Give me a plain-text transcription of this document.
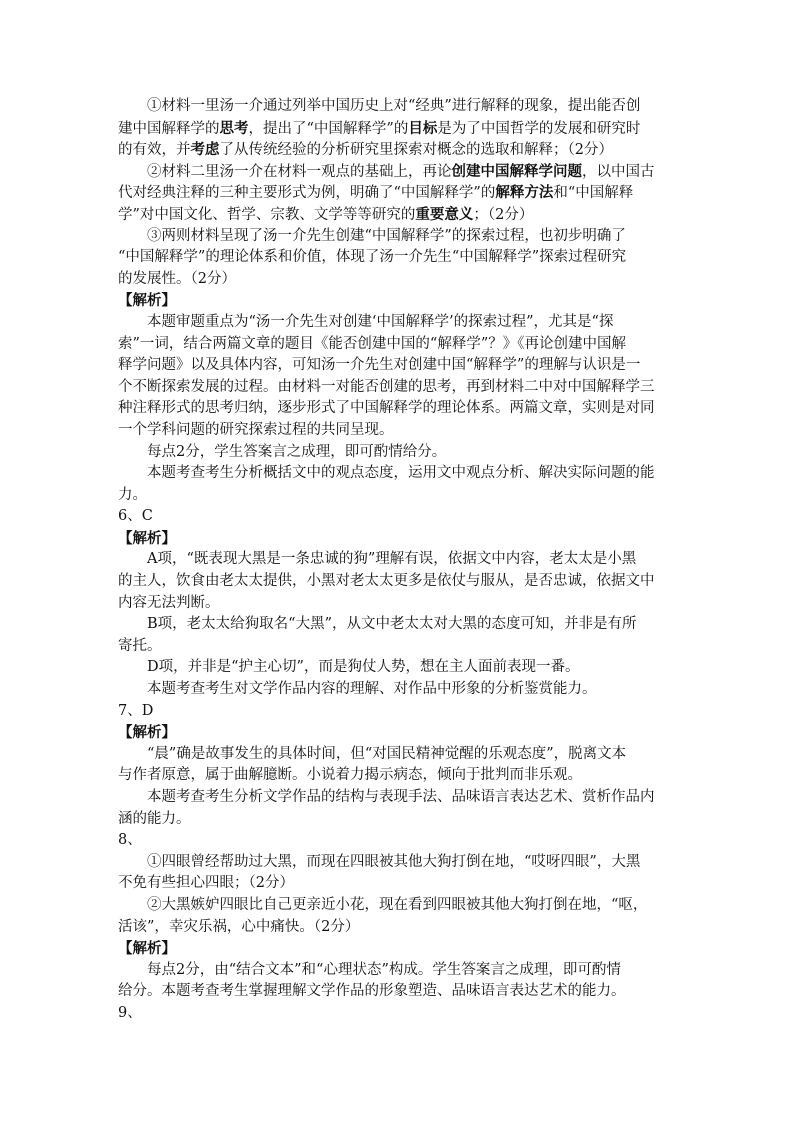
①材料一里汤一介通过列举中国历史上对“经典”进行解释的现象，提出能否创
建中国解释学的思考，提出了“中国解释学”的目标是为了中国哲学的发展和研究时
的有效，并考虑了从传统经验的分析研究里探索对概念的选取和解释；（2分）
②材料二里汤一介在材料一观点的基础上，再论创建中国解释学问题，以中国古
代对经典注释的三种主要形式为例，明确了“中国解释学”的解释方法和“中国解释
学”对中国文化、哲学、宗教、文学等等研究的重要意义；（2分）
③两则材料呈现了汤一介先生创建“中国解释学”的探索过程，也初步明确了
“中国解释学”的理论体系和价值，体现了汤一介先生“中国解释学”探索过程研究
的发展性。（2分）
【解析】
本题审题重点为“汤一介先生对创建‘中国解释学’的探索过程”，尤其是“探
索”一词，结合两篇文章的题目《能否创建中国的“解释学”？》《再论创建中国解
释学问题》以及具体内容，可知汤一介先生对创建中国“解释学”的理解与认识是一
个不断探索发展的过程。由材料一对能否创建的思考，再到材料二中对中国解释学三
种注释形式的思考归纳，逐步形式了中国解释学的理论体系。两篇文章，实则是对同
一个学科问题的研究探索过程的共同呈现。
每点2分，学生答案言之成理，即可酌情给分。
本题考查考生分析概括文中的观点态度，运用文中观点分析、解决实际问题的能
力。
6、C
【解析】
A项，“既表现大黑是一条忠诚的狗”理解有误，依据文中内容，老太太是小黑
的主人，饮食由老太太提供，小黑对老太太更多是依仗与服从，是否忠诚，依据文中
内容无法判断。
B项，老太太给狗取名“大黑”，从文中老太太对大黑的态度可知，并非是有所
寄托。
D项，并非是“护主心切”，而是狗仗人势，想在主人面前表现一番。
本题考查考生对文学作品内容的理解、对作品中形象的分析鉴赏能力。
7、D
【解析】
“晨”确是故事发生的具体时间，但“对国民精神觉醒的乐观态度”，脱离文本
与作者原意，属于曲解臆断。小说着力揭示病态，倾向于批判而非乐观。
本题考查考生分析文学作品的结构与表现手法、品味语言表达艺术、赏析作品内
涵的能力。
8、
①四眼曾经帮助过大黑，而现在四眼被其他大狗打倒在地，“哎呀四眼”，大黑
不免有些担心四眼；（2分）
②大黑嫉妒四眼比自己更亲近小花，现在看到四眼被其他大狗打倒在地，“呕，
活该”，幸灾乐祸，心中痛快。（2分）
【解析】
每点2分，由“结合文本”和“心理状态”构成。学生答案言之成理，即可酌情
给分。本题考查考生掌握理解文学作品的形象塑造、品味语言表达艺术的能力。
9、
